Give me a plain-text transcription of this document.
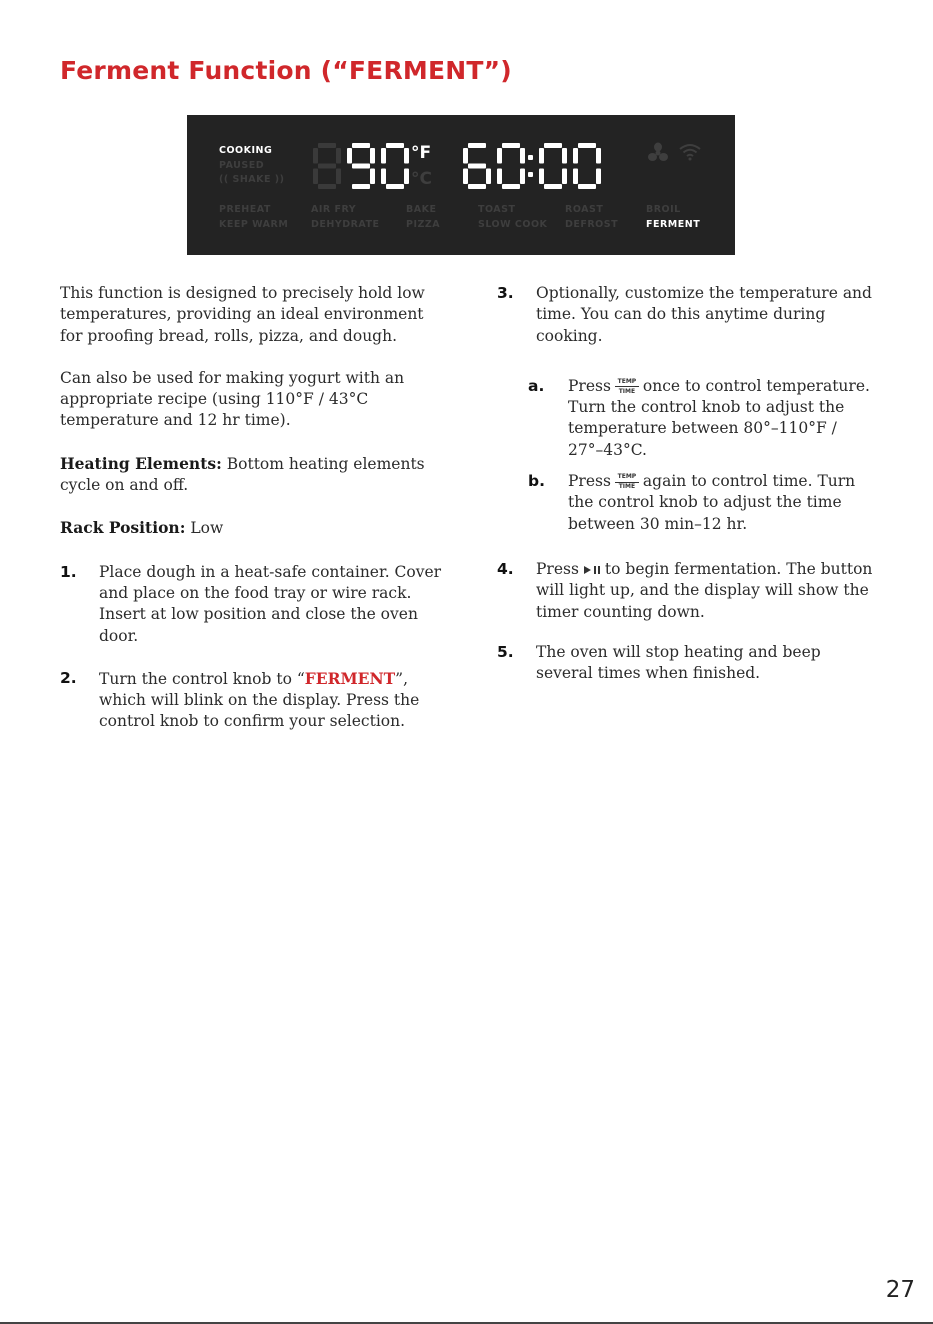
Ferment Function (“FERMENT”)
COOKING
PAUSED
(( SHAKE ))
°F
°C
PREHEAT
KEEP WARM
AIR FRY
DEHYDRATE
BAKE
PIZZA
TOAST
SLOW COOK
ROAST
DEFROST
BROIL
FERMENT

This function is designed to precisely hold low temperatures, providing an ideal environment for proofing bread, rolls, pizza, and dough.

Can also be used for making yogurt with an appropriate recipe (using 110°F / 43°C temperature and 12 hr time).

Heating Elements: Bottom heating elements cycle on and off.

Rack Position: Low

1. Place dough in a heat-safe container. Cover and place on the food tray or wire rack. Insert at low position and close the oven door.

2. Turn the control knob to “FERMENT”, which will blink on the display. Press the control knob to confirm your selection.

3. Optionally, customize the temperature and time. You can do this anytime during cooking.

a. Press	TEMP
TIME once to control temperature. Turn the control knob to adjust the temperature between 80°–110°F / 27°–43°C.

b. Press	TEMP
TIME again to control time. Turn the control knob to adjust the time between 30 min–12 hr.

4. Press to begin fermentation. The button will light up, and the display will show the timer counting down.

5. The oven will stop heating and beep several times when finished.

27
